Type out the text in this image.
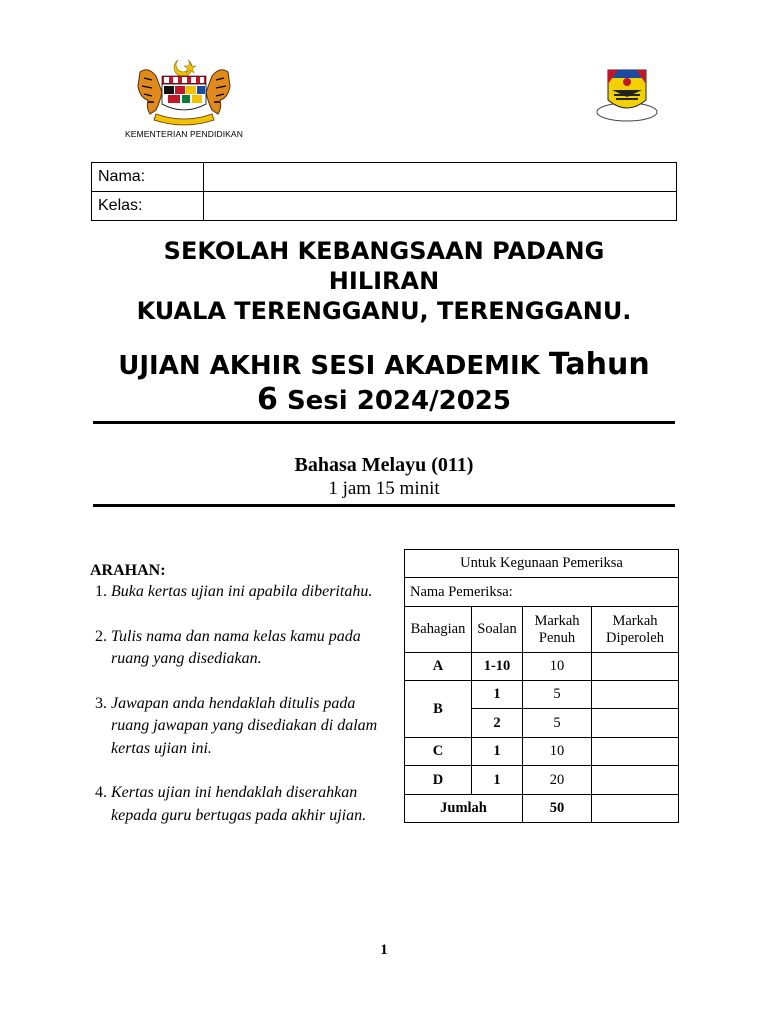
KEMENTERIAN PENDIDIKAN
Nama:	
Kelas:	
SEKOLAH KEBANGSAAN PADANG
HILIRAN
KUALA TERENGGANU, TERENGGANU.
UJIAN AKHIR SESI AKADEMIK Tahun
6 Sesi 2024/2025
Bahasa Melayu (011)
1 jam 15 minit
ARAHAN:
1. Buka kertas ujian ini apabila diberitahu.
2. Tulis nama dan nama kelas kamu pada ruang yang disediakan.
3. Jawapan anda hendaklah ditulis pada ruang jawapan yang disediakan di dalam kertas ujian ini.
4. Kertas ujian ini hendaklah diserahkan kepada guru bertugas pada akhir ujian.
Untuk Kegunaan Pemeriksa			
Nama Pemeriksa:			
Bahagian	Soalan	Markah Penuh	Markah Diperoleh
A	1-10	10	
B	1	5	
	2	5	
C	1	10	
D	1	20	
Jumlah		50	
1
